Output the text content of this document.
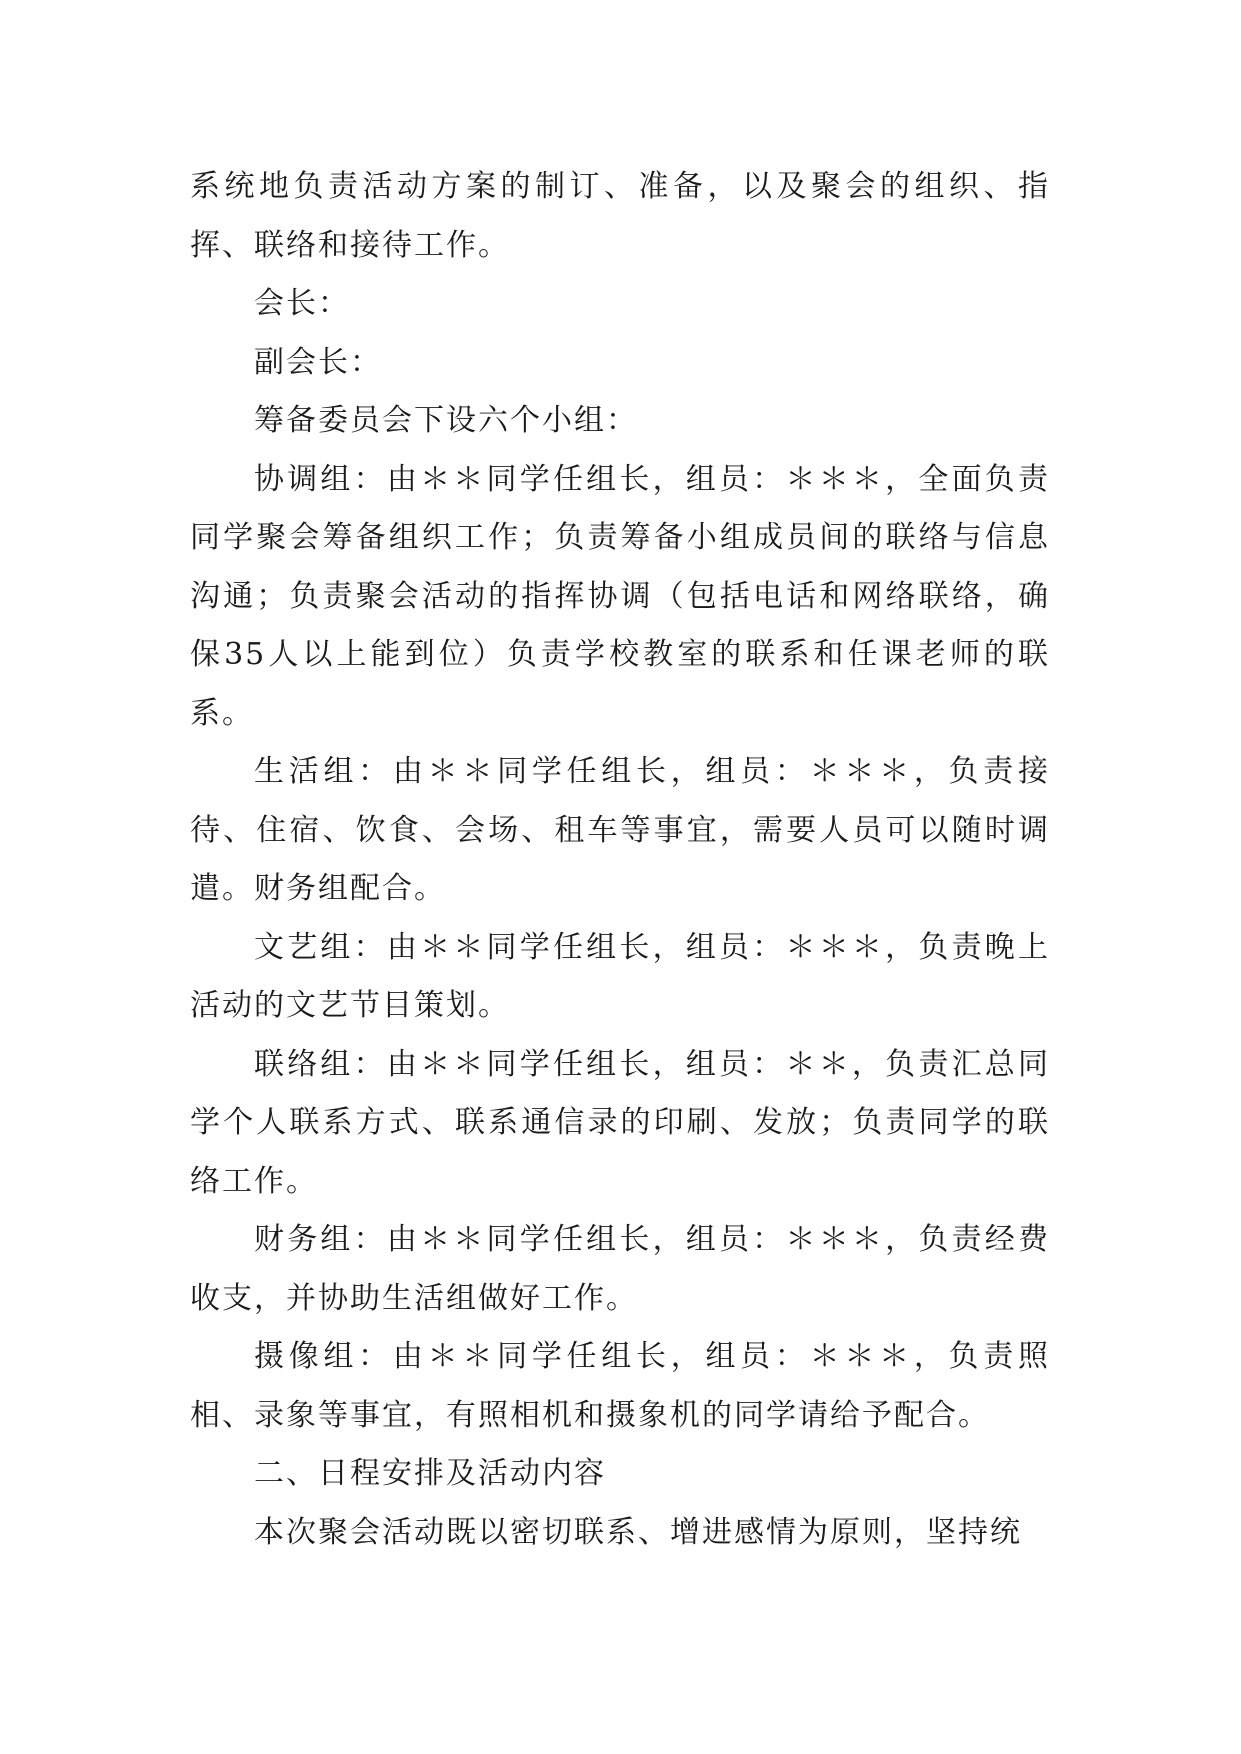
系统地负责活动方案的制订、准备，以及聚会的组织、指挥、联络和接待工作。

会长：

副会长：

筹备委员会下设六个小组：

协调组：由＊＊同学任组长，组员：＊＊＊，全面负责同学聚会筹备组织工作；负责筹备小组成员间的联络与信息沟通；负责聚会活动的指挥协调（包括电话和网络联络，确保35人以上能到位）负责学校教室的联系和任课老师的联系。

生活组：由＊＊同学任组长，组员：＊＊＊，负责接待、住宿、饮食、会场、租车等事宜，需要人员可以随时调遣。财务组配合。

文艺组：由＊＊同学任组长，组员：＊＊＊，负责晚上活动的文艺节目策划。

联络组：由＊＊同学任组长，组员：＊＊，负责汇总同学个人联系方式、联系通信录的印刷、发放；负责同学的联络工作。

财务组：由＊＊同学任组长，组员：＊＊＊，负责经费收支，并协助生活组做好工作。

摄像组：由＊＊同学任组长，组员：＊＊＊，负责照相、录象等事宜，有照相机和摄象机的同学请给予配合。

二、日程安排及活动内容

本次聚会活动既以密切联系、增进感情为原则，坚持统
